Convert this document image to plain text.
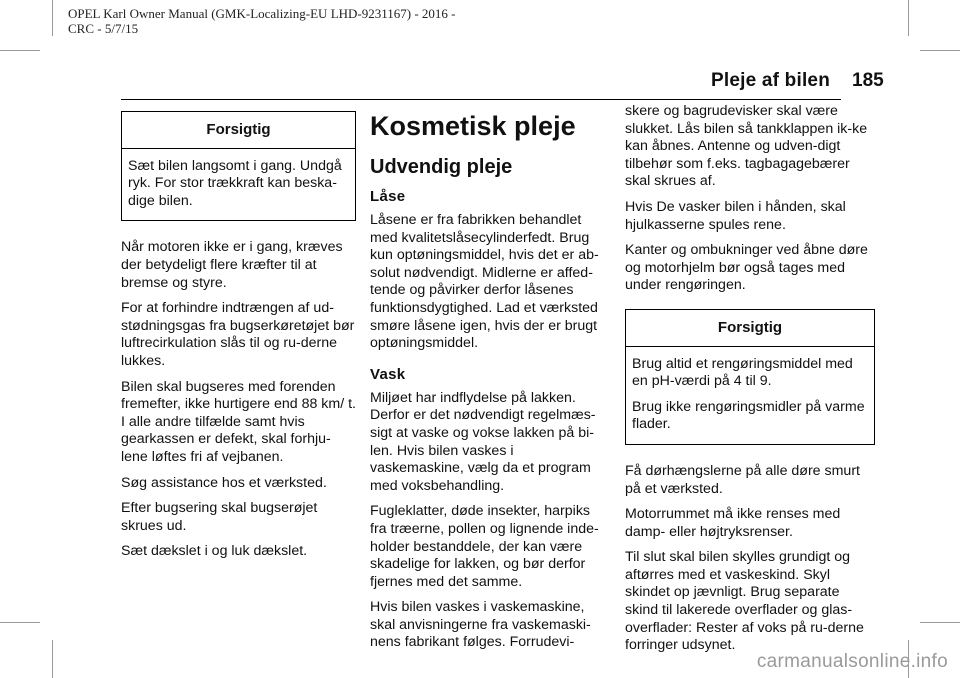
OPEL Karl Owner Manual (GMK-Localizing-EU LHD-9231167) - 2016 -
CRC - 5/7/15
Pleje af bilen 185
Forsigtig

Sæt bilen langsomt i gang. Undgå ryk. For stor trækkraft kan beska-dige bilen.

Når motoren ikke er i gang, kræves der betydeligt flere kræfter til at bremse og styre.

For at forhindre indtrængen af ud-stødningsgas fra bugserkøretøjet bør luftrecirkulation slås til og ru-derne lukkes.

Bilen skal bugseres med forenden fremefter, ikke hurtigere end 88 km/ t. I alle andre tilfælde samt hvis gearkassen er defekt, skal forhju-lene løftes fri af vejbanen.

Søg assistance hos et værksted.

Efter bugsering skal bugserøjet skrues ud.

Sæt dækslet i og luk dækslet.

Kosmetisk pleje
Udvendig pleje
Låse

Låsene er fra fabrikken behandlet med kvalitetslåsecylinderfedt. Brug kun optøningsmiddel, hvis det er ab-solut nødvendigt. Midlerne er affed-tende og påvirker derfor låsenes funktionsdygtighed. Lad et værksted smøre låsene igen, hvis der er brugt optøningsmiddel.

Vask

Miljøet har indflydelse på lakken. Derfor er det nødvendigt regelmæs-sigt at vaske og vokse lakken på bi-len. Hvis bilen vaskes i vaskemaskine, vælg da et program med voksbehandling.

Fugleklatter, døde insekter, harpiks fra træerne, pollen og lignende inde-holder bestanddele, der kan være skadelige for lakken, og bør derfor fjernes med det samme.

Hvis bilen vaskes i vaskemaskine, skal anvisningerne fra vaskemaski-nens fabrikant følges. Forrudevi-

skere og bagrudevisker skal være slukket. Lås bilen så tankklappen ik-ke kan åbnes. Antenne og udven-digt tilbehør som f.eks. tagbagagebærer skal skrues af.

Hvis De vasker bilen i hånden, skal hjulkasserne spules rene.

Kanter og ombukninger ved åbne døre og motorhjelm bør også tages med under rengøringen.

Forsigtig

Brug altid et rengøringsmiddel med en pH-værdi på 4 til 9.

Brug ikke rengøringsmidler på varme flader.

Få dørhængslerne på alle døre smurt på et værksted.

Motorrummet må ikke renses med damp- eller højtryksrenser.

Til slut skal bilen skylles grundigt og aftørres med et vaskeskind. Skyl skindet op jævnligt. Brug separate skind til lakerede overflader og glas-overflader: Rester af voks på ru-derne forringer udsynet.

carmanualsonline.info
